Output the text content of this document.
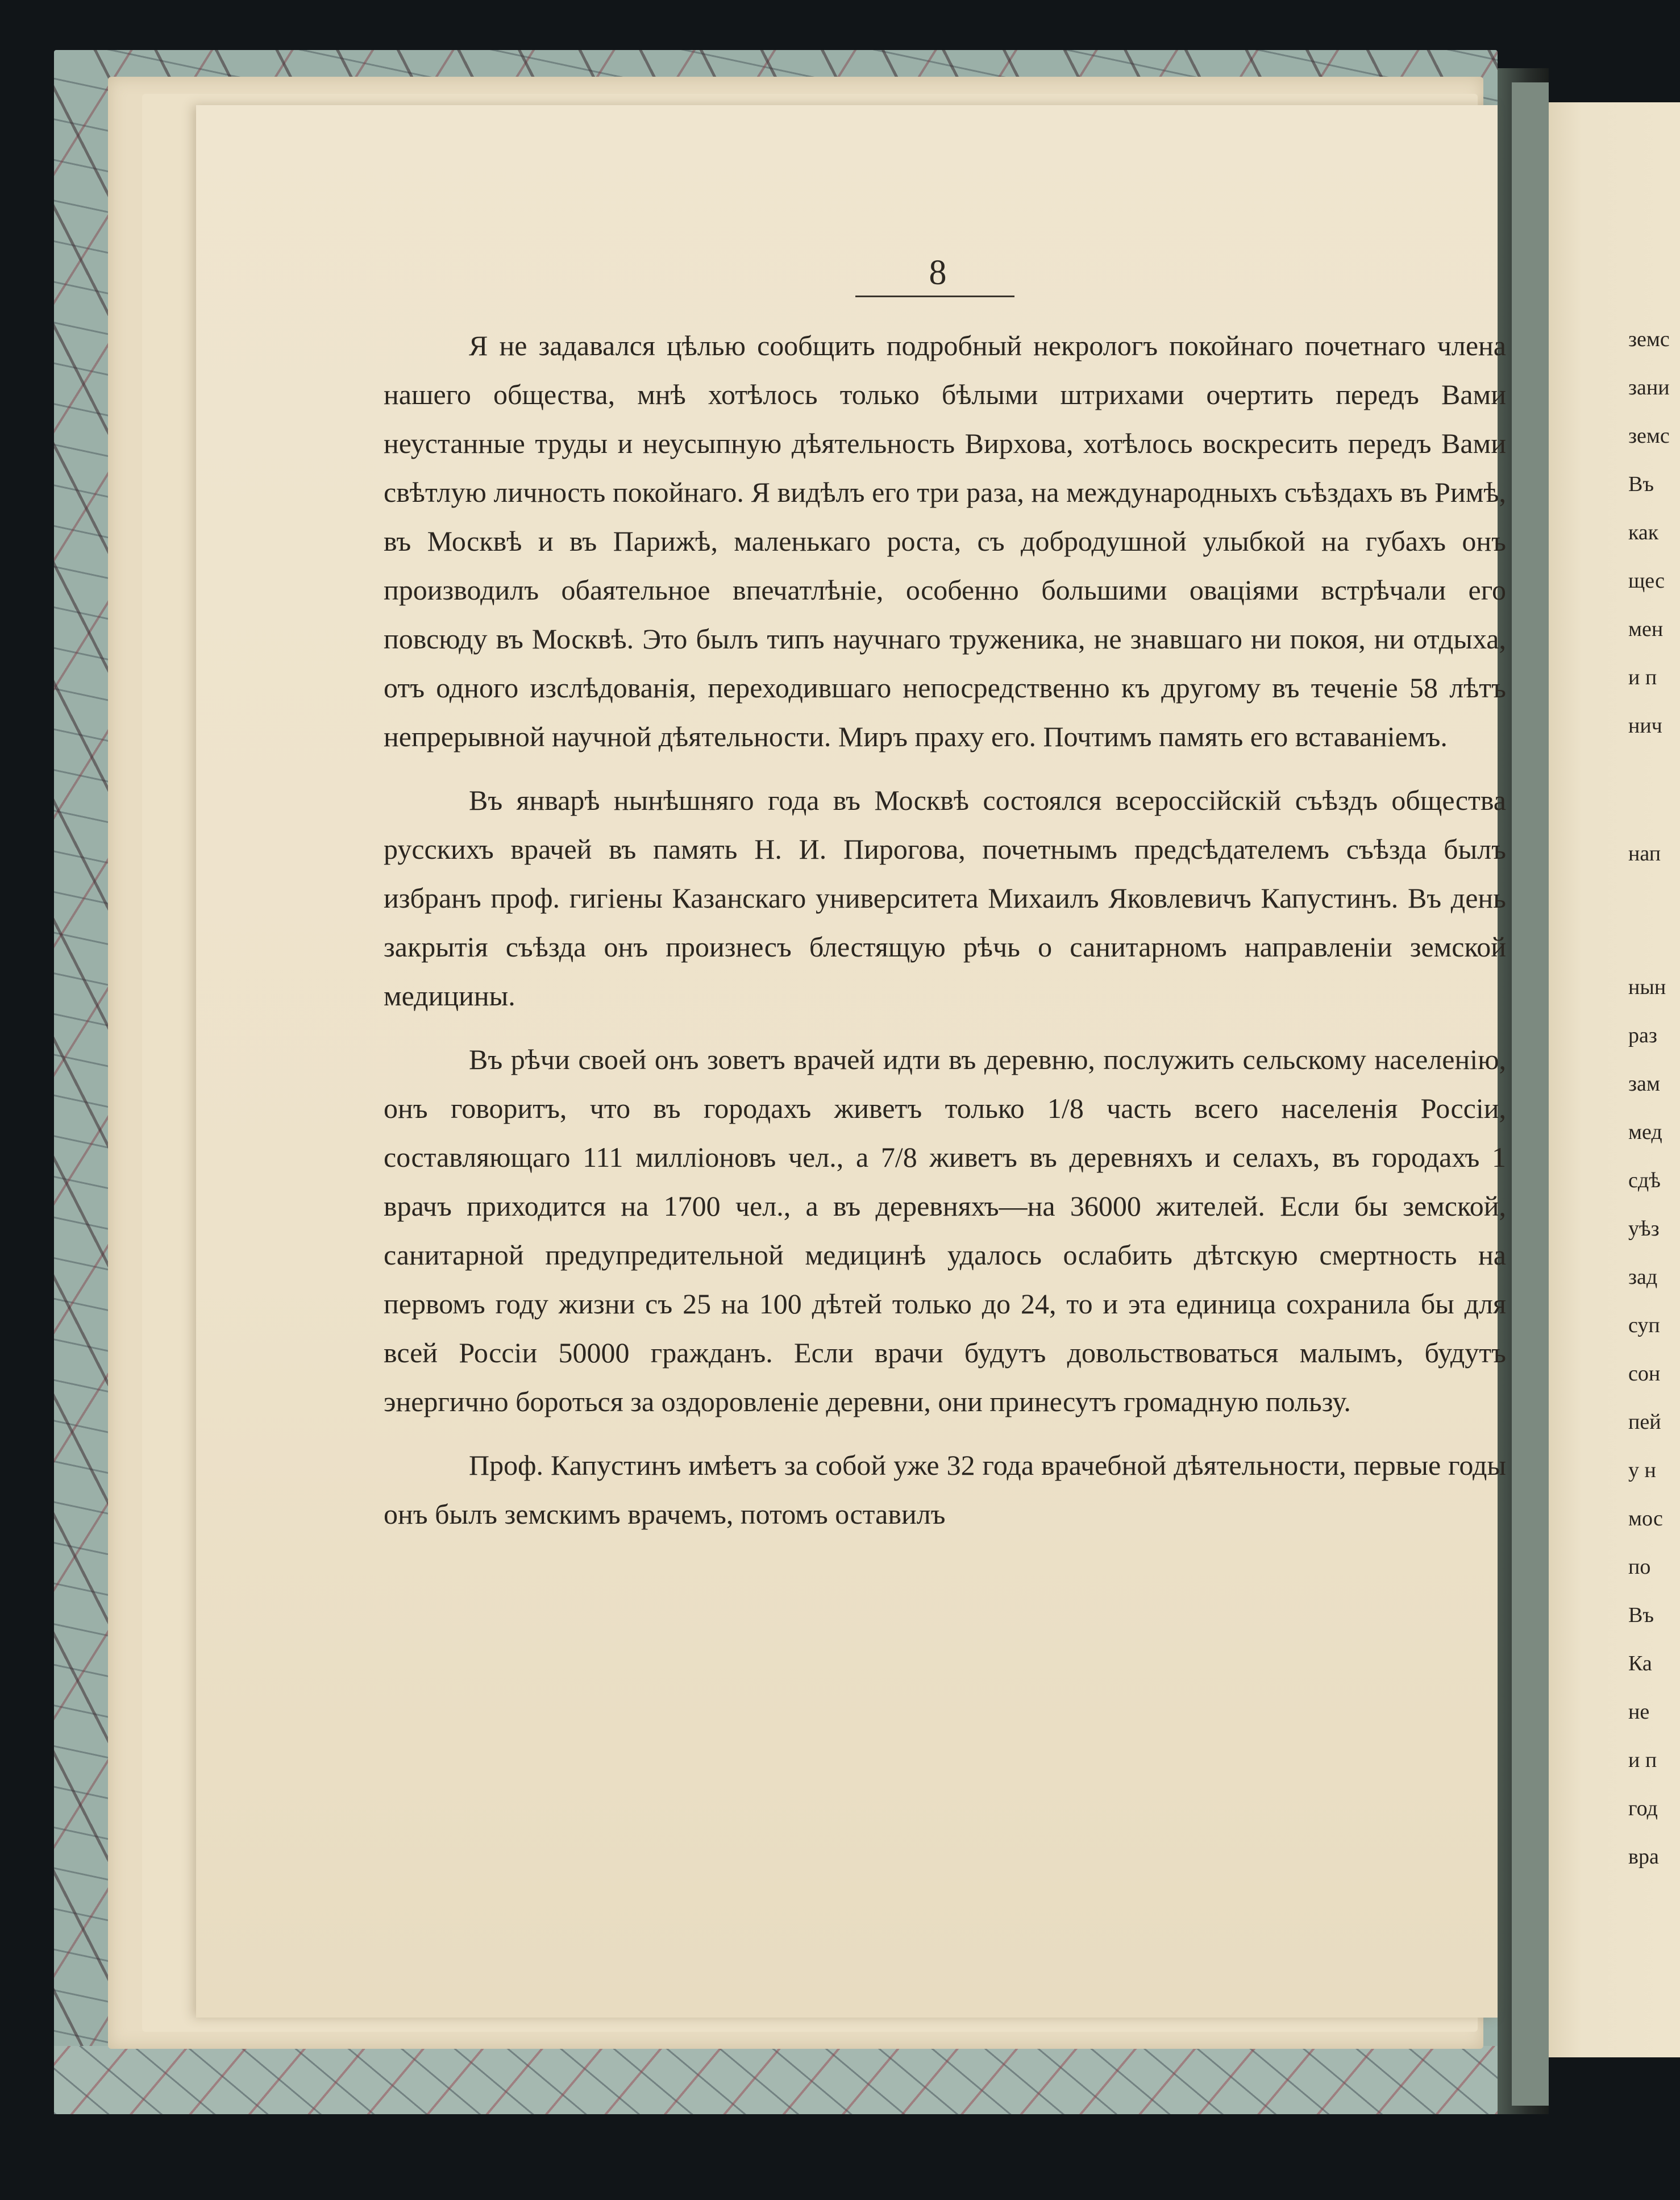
земс
зани
земс
Въ
как
щес
мен
и п
нич
нап
нын
раз
зам
мед
сдѣ
уѣз
зад
суп
сон
пей
у н
мос
по
Въ
Ка
не
и п
год
вра
8

Я не задавался цѣлью сообщить подробный некрологъ покойнаго почетнаго члена нашего общества, мнѣ хотѣлось только бѣлыми штрихами очертить передъ Вами неустанные труды и неусыпную дѣятельность Вирхова, хотѣлось воскресить передъ Вами свѣтлую личность покойнаго. Я видѣлъ его три раза, на международныхъ съѣздахъ въ Римѣ, въ Москвѣ и въ Парижѣ, маленькаго роста, съ добродушной улыбкой на губахъ онъ производилъ обаятельное впечатлѣніе, особенно большими оваціями встрѣчали его повсюду въ Москвѣ. Это былъ типъ научнаго труженика, не знавшаго ни покоя, ни отдыха, отъ одного изслѣдованія, переходившаго непосредственно къ другому въ теченіе 58 лѣтъ непрерывной научной дѣятельности. Миръ праху его. Почтимъ память его вставаніемъ.

Въ январѣ нынѣшняго года въ Москвѣ состоялся всероссійскій съѣздъ общества русскихъ врачей въ память Н. И. Пирогова, почетнымъ предсѣдателемъ съѣзда былъ избранъ проф. гигіены Казанскаго университета Михаилъ Яковлевичъ Капустинъ. Въ день закрытія съѣзда онъ произнесъ блестящую рѣчь о санитарномъ направленіи земской медицины.

Въ рѣчи своей онъ зоветъ врачей идти въ деревню, послужить сельскому населенію, онъ говоритъ, что въ городахъ живетъ только 1/8 часть всего населенія Россіи, составляющаго 111 милліоновъ чел., а 7/8 живетъ въ деревняхъ и селахъ, въ городахъ 1 врачъ приходится на 1700 чел., а въ деревняхъ—на 36000 жителей. Если бы земской, санитарной предупредительной медицинѣ удалось ослабить дѣтскую смертность на первомъ году жизни съ 25 на 100 дѣтей только до 24, то и эта единица сохранила бы для всей Россіи 50000 гражданъ. Если врачи будутъ довольствоваться малымъ, будутъ энергично бороться за оздоровленіе деревни, они принесутъ громадную пользу.

Проф. Капустинъ имѣетъ за собой уже 32 года врачебной дѣятельности, первые годы онъ былъ земскимъ врачемъ, потомъ оставилъ
